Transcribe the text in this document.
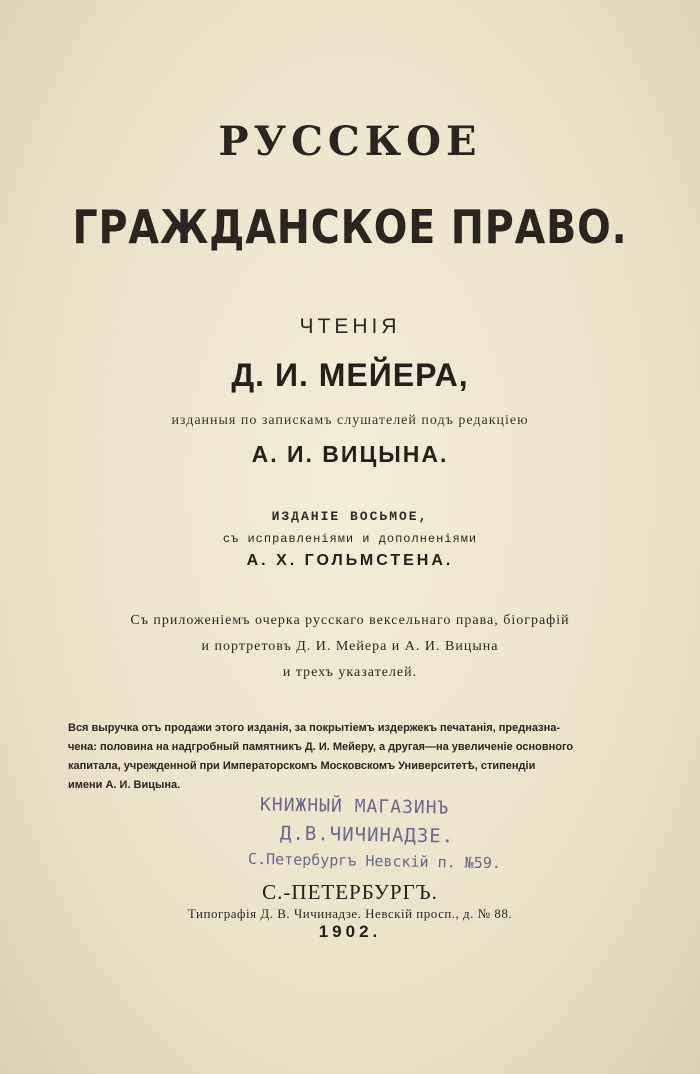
РУССКОЕ
ГРАЖДАНСКОЕ ПРАВО.
ЧТЕНІЯ
Д. И. МЕЙЕРА,
изданныя по запискамъ слушателей подъ редакціею
А. И. ВИЦЫНА.
ИЗДАНІЕ ВОСЬМОЕ,
съ исправленіями и дополненіями
А. Х. ГОЛЬМСТЕНА.
Съ приложеніемъ очерка русскаго вексельнаго права, біографій
и портретовъ Д. И. Мейера и А. И. Вицына
и трехъ указателей.
Вся выручка отъ продажи этого изданія, за покрытіемъ издержекъ печатанія, предназна-
чена: половина на надгробный памятникъ Д. И. Мейеру, а другая—на увеличеніе основного
капитала, учрежденной при Императорскомъ Московскомъ Университетѣ, стипендіи
имени А. И. Вицына.
КНИЖНЫЙ МАГАЗИНЪ
Д.В.ЧИЧИНАДЗЕ.
С.Петербургъ Невскій п. №59.
С.-ПЕТЕРБУРГЪ.
Типографія Д. В. Чичинадзе. Невскій просп., д. № 88.
1902.
